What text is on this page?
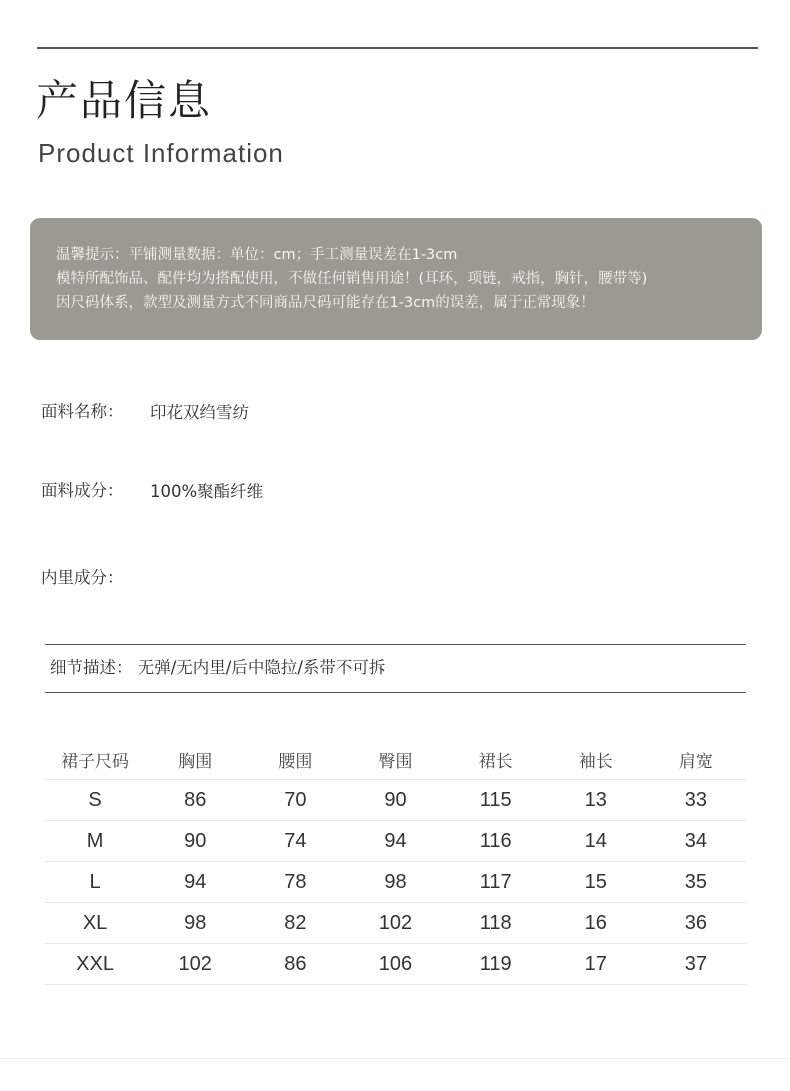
产品信息
Product Information
温馨提示：平铺测量数据：单位：cm；手工测量误差在1-3cm
模特所配饰品、配件均为搭配使用，不做任何销售用途！(耳环，项链，戒指，胸针，腰带等)
因尺码体系，款型及测量方式不同商品尺码可能存在1-3cm的误差，属于正常现象！
面料名称： 印花双绉雪纺
面料成分： 100%聚酯纤维
内里成分：
细节描述： 无弹/无内里/后中隐拉/系带不可拆
裙子尺码	胸围	腰围	臀围	裙长	袖长	肩宽
S	86	70	90	115	13	33
M	90	74	94	116	14	34
L	94	78	98	117	15	35
XL	98	82	102	118	16	36
XXL	102	86	106	119	17	37
